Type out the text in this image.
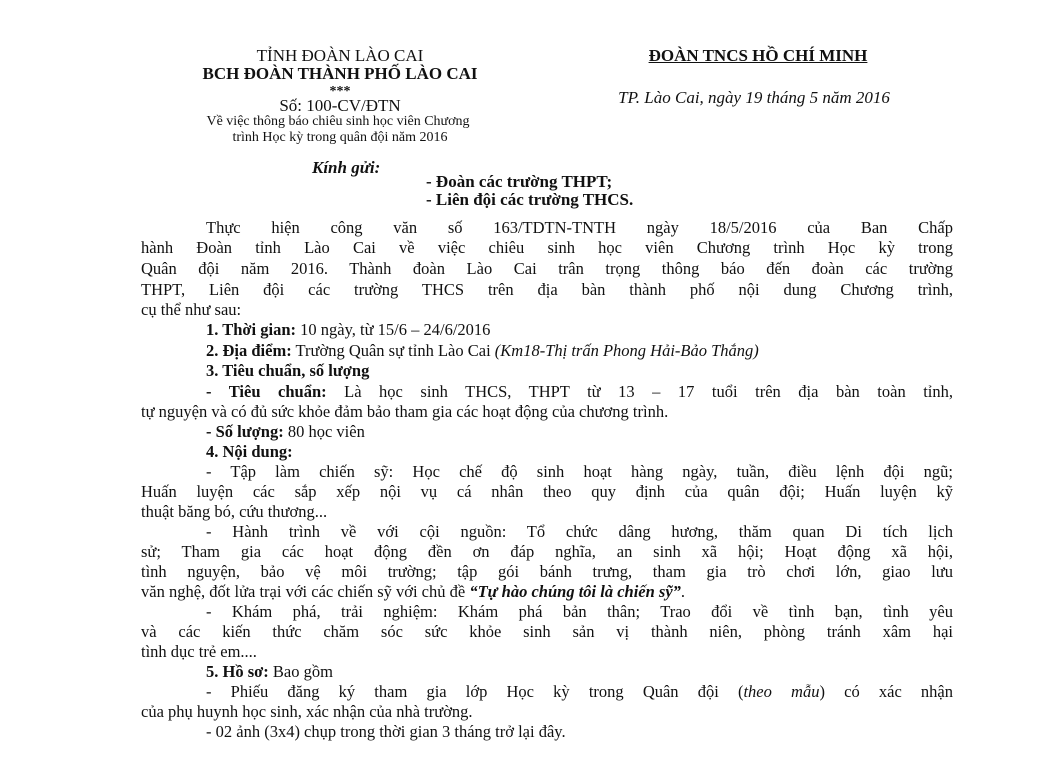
TỈNH ĐOÀN LÀO CAI
BCH ĐOÀN THÀNH PHỐ LÀO CAI
***
Số: 100-CV/ĐTN
Về việc thông báo chiêu sinh học viên Chương
trình Học kỳ trong quân đội năm 2016
ĐOÀN TNCS HỒ CHÍ MINH
TP. Lào Cai, ngày 19 tháng 5 năm 2016
Kính gửi:
- Đoàn các trường THPT;
- Liên đội các trường THCS.

Thực hiện công văn số 163/TDTN-TNTH ngày 18/5/2016 của Ban Chấp

hành Đoàn tỉnh Lào Cai về việc chiêu sinh học viên Chương trình Học kỳ trong

Quân đội năm 2016. Thành đoàn Lào Cai trân trọng thông báo đến đoàn các trường

THPT, Liên đội các trường THCS trên địa bàn thành phố nội dung Chương trình,

cụ thể như sau:

1. Thời gian: 10 ngày, từ 15/6 – 24/6/2016

2. Địa điểm: Trường Quân sự tỉnh Lào Cai (Km18-Thị trấn Phong Hải-Bảo Thắng)

3. Tiêu chuẩn, số lượng

- Tiêu chuẩn: Là học sinh THCS, THPT từ 13 – 17 tuổi trên địa bàn toàn tỉnh,

tự nguyện và có đủ sức khỏe đảm bảo tham gia các hoạt động của chương trình.

- Số lượng: 80 học viên

4. Nội dung:

- Tập làm chiến sỹ: Học chế độ sinh hoạt hàng ngày, tuần, điều lệnh đội ngũ;

Huấn luyện các sắp xếp nội vụ cá nhân theo quy định của quân đội; Huấn luyện kỹ

thuật băng bó, cứu thương...

- Hành trình về với cội nguồn: Tổ chức dâng hương, thăm quan Di tích lịch

sử; Tham gia các hoạt động đền ơn đáp nghĩa, an sinh xã hội; Hoạt động xã hội,

tình nguyện, bảo vệ môi trường; tập gói bánh trưng, tham gia trò chơi lớn, giao lưu

văn nghệ, đốt lửa trại với các chiến sỹ với chủ đề “Tự hào chúng tôi là chiến sỹ”.

- Khám phá, trải nghiệm: Khám phá bản thân; Trao đổi về tình bạn, tình yêu

và các kiến thức chăm sóc sức khỏe sinh sản vị thành niên, phòng tránh xâm hại

tình dục trẻ em....

5. Hồ sơ: Bao gồm

- Phiếu đăng ký tham gia lớp Học kỳ trong Quân đội (theo mẫu) có xác nhận

của phụ huynh học sinh, xác nhận của nhà trường.

- 02 ảnh (3x4) chụp trong thời gian 3 tháng trở lại đây.
